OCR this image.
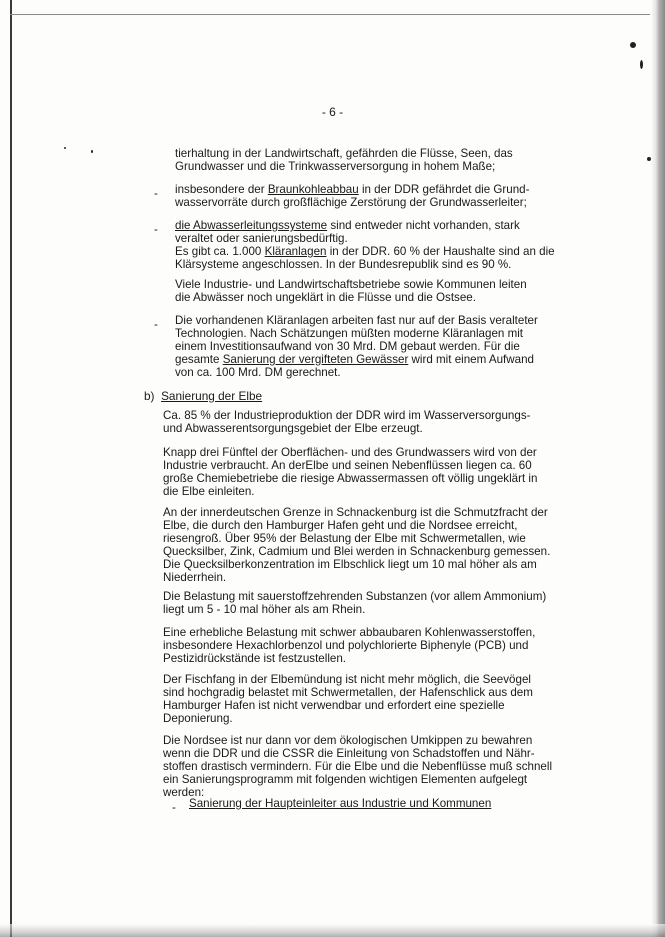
- 6 -

tierhaltung in der Landwirtschaft, gefährden die Flüsse, Seen, das

Grundwasser und die Trinkwasserversorgung in hohem Maße;

- insbesondere der Braunkohleabbau in der DDR gefährdet die Grund-

wasservorräte durch großflächige Zerstörung der Grundwasserleiter;

- die Abwasserleitungssysteme sind entweder nicht vorhanden, stark

veraltet oder sanierungsbedürftig.

Es gibt ca. 1.000 Kläranlagen in der DDR. 60 % der Haushalte sind an die

Klärsysteme angeschlossen. In der Bundesrepublik sind es 90 %.

Viele Industrie- und Landwirtschaftsbetriebe sowie Kommunen leiten

die Abwässer noch ungeklärt in die Flüsse und die Ostsee.

- Die vorhandenen Kläranlagen arbeiten fast nur auf der Basis veralteter

Technologien. Nach Schätzungen müßten moderne Kläranlagen mit

einem Investitionsaufwand von 30 Mrd. DM gebaut werden. Für die

gesamte Sanierung der vergifteten Gewässer wird mit einem Aufwand

von ca. 100 Mrd. DM gerechnet.

b) Sanierung der Elbe

Ca. 85 % der Industrieproduktion der DDR wird im Wasserversorgungs-

und Abwasserentsorgungsgebiet der Elbe erzeugt.

Knapp drei Fünftel der Oberflächen- und des Grundwassers wird von der

Industrie verbraucht. An derElbe und seinen Nebenflüssen liegen ca. 60

große Chemiebetriebe die riesige Abwassermassen oft völlig ungeklärt in

die Elbe einleiten.

An der innerdeutschen Grenze in Schnackenburg ist die Schmutzfracht der

Elbe, die durch den Hamburger Hafen geht und die Nordsee erreicht,

riesengroß. Über 95% der Belastung der Elbe mit Schwermetallen, wie

Quecksilber, Zink, Cadmium und Blei werden in Schnackenburg gemessen.

Die Quecksilberkonzentration im Elbschlick liegt um 10 mal höher als am

Niederrhein.

Die Belastung mit sauerstoffzehrenden Substanzen (vor allem Ammonium)

liegt um 5 - 10 mal höher als am Rhein.

Eine erhebliche Belastung mit schwer abbaubaren Kohlenwasserstoffen,

insbesondere Hexachlorbenzol und polychlorierte Biphenyle (PCB) und

Pestizidrückstände ist festzustellen.

Der Fischfang in der Elbemündung ist nicht mehr möglich, die Seevögel

sind hochgradig belastet mit Schwermetallen, der Hafenschlick aus dem

Hamburger Hafen ist nicht verwendbar und erfordert eine spezielle

Deponierung.

Die Nordsee ist nur dann vor dem ökologischen Umkippen zu bewahren

wenn die DDR und die CSSR die Einleitung von Schadstoffen und Nähr-

stoffen drastisch vermindern. Für die Elbe und die Nebenflüsse muß schnell

ein Sanierungsprogramm mit folgenden wichtigen Elementen aufgelegt

werden:

- Sanierung der Haupteinleiter aus Industrie und Kommunen
